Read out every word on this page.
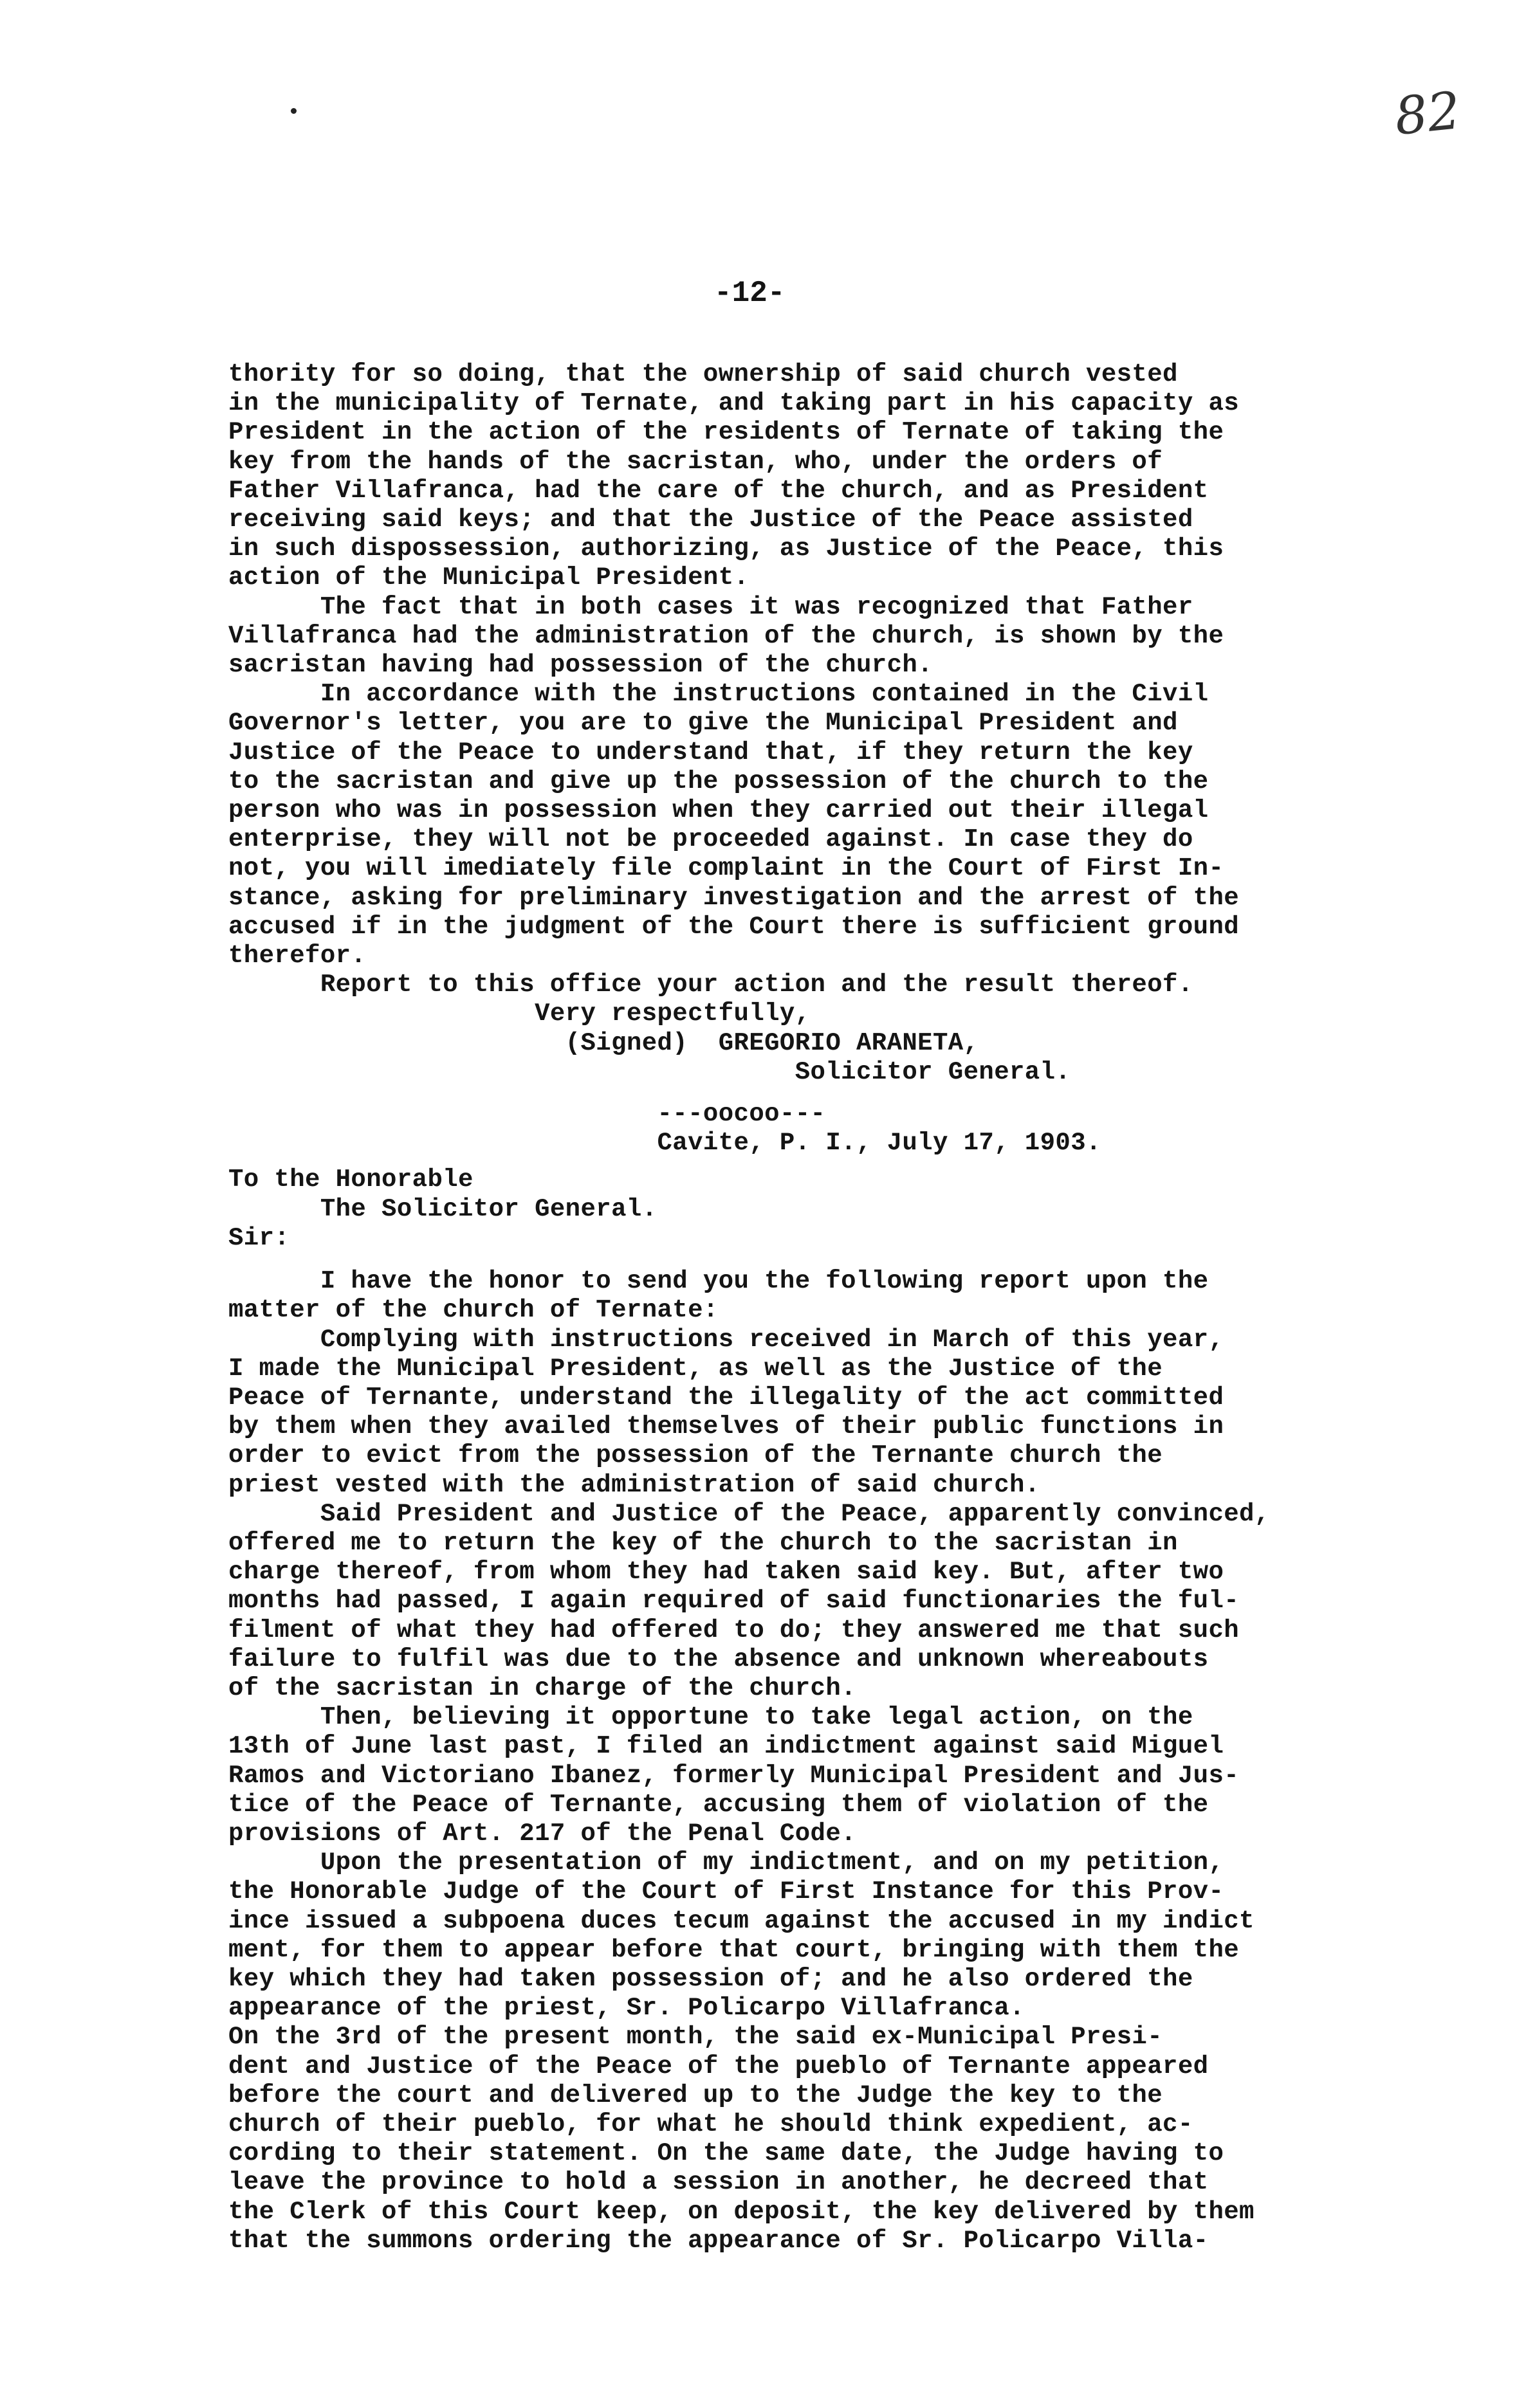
82
-12-
thority for so doing, that the ownership of said church vested
in the municipality of Ternate, and taking part in his capacity as
President in the action of the residents of Ternate of taking the
key from the hands of the sacristan, who, under the orders of
Father Villafranca, had the care of the church, and as President
receiving said keys; and that the Justice of the Peace assisted
in such dispossession, authorizing, as Justice of the Peace, this
action of the Municipal President.
The fact that in both cases it was recognized that Father
Villafranca had the administration of the church, is shown by the
sacristan having had possession of the church.
In accordance with the instructions contained in the Civil
Governor's letter, you are to give the Municipal President and
Justice of the Peace to understand that, if they return the key
to the sacristan and give up the possession of the church to the
person who was in possession when they carried out their illegal
enterprise, they will not be proceeded against. In case they do
not, you will imediately file complaint in the Court of First In-
stance, asking for preliminary investigation and the arrest of the
accused if in the judgment of the Court there is sufficient ground
therefor.
Report to this office your action and the result thereof.
Very respectfully,
(Signed)  GREGORIO ARANETA,
Solicitor General.
---oocoo---
Cavite, P. I., July 17, 1903.
To the Honorable
The Solicitor General.
Sir:
I have the honor to send you the following report upon the
matter of the church of Ternate:
Complying with instructions received in March of this year,
I made the Municipal President, as well as the Justice of the
Peace of Ternante, understand the illegality of the act committed
by them when they availed themselves of their public functions in
order to evict from the possession of the Ternante church the
priest vested with the administration of said church.
Said President and Justice of the Peace, apparently convinced,
offered me to return the key of the church to the sacristan in
charge thereof, from whom they had taken said key. But, after two
months had passed, I again required of said functionaries the ful-
filment of what they had offered to do; they answered me that such
failure to fulfil was due to the absence and unknown whereabouts
of the sacristan in charge of the church.
Then, believing it opportune to take legal action, on the
13th of June last past, I filed an indictment against said Miguel
Ramos and Victoriano Ibanez, formerly Municipal President and Jus-
tice of the Peace of Ternante, accusing them of violation of the
provisions of Art. 217 of the Penal Code.
Upon the presentation of my indictment, and on my petition,
the Honorable Judge of the Court of First Instance for this Prov-
ince issued a subpoena duces tecum against the accused in my indict
ment, for them to appear before that court, bringing with them the
key which they had taken possession of; and he also ordered the
appearance of the priest, Sr. Policarpo Villafranca.
On the 3rd of the present month, the said ex-Municipal Presi-
dent and Justice of the Peace of the pueblo of Ternante appeared
before the court and delivered up to the Judge the key to the
church of their pueblo, for what he should think expedient, ac-
cording to their statement. On the same date, the Judge having to
leave the province to hold a session in another, he decreed that
the Clerk of this Court keep, on deposit, the key delivered by them
that the summons ordering the appearance of Sr. Policarpo Villa-
